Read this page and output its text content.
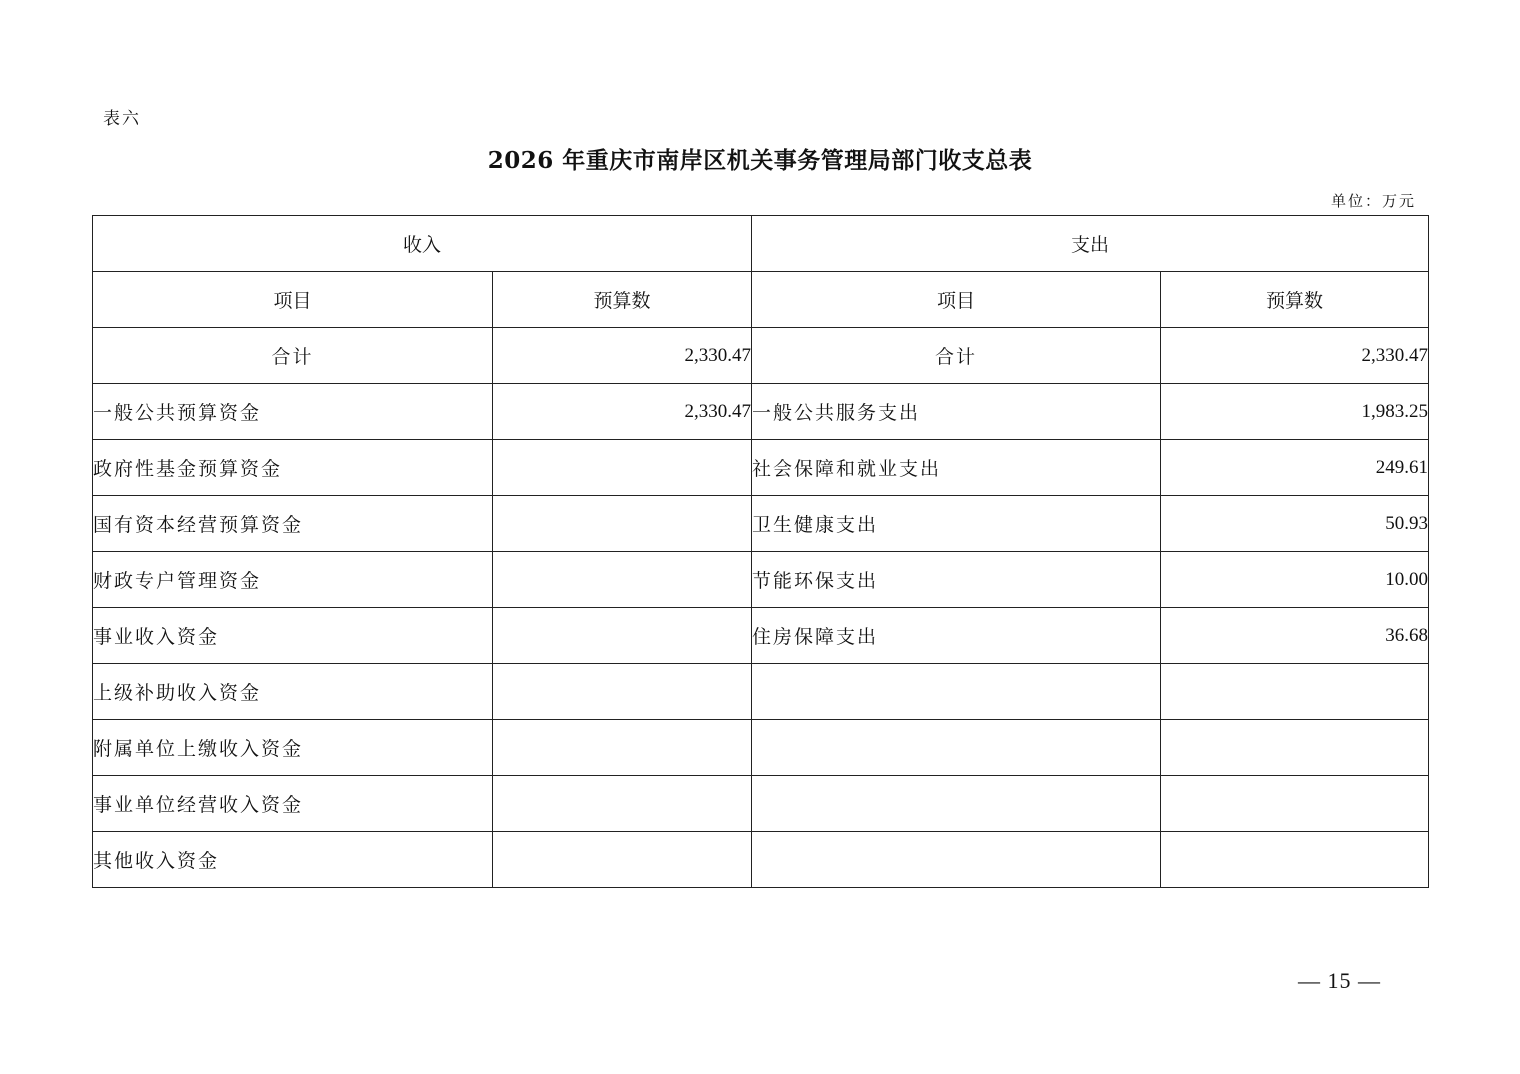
表六
2026 年重庆市南岸区机关事务管理局部门收支总表
单位：万元
收入		支出	
项目	预算数	项目	预算数
合计	2,330.47	合计	2,330.47
一般公共预算资金	2,330.47	一般公共服务支出	1,983.25
政府性基金预算资金		社会保障和就业支出	249.61
国有资本经营预算资金		卫生健康支出	50.93
财政专户管理资金		节能环保支出	10.00
事业收入资金		住房保障支出	36.68
上级补助收入资金			
附属单位上缴收入资金			
事业单位经营收入资金			
其他收入资金			
— 15 —
